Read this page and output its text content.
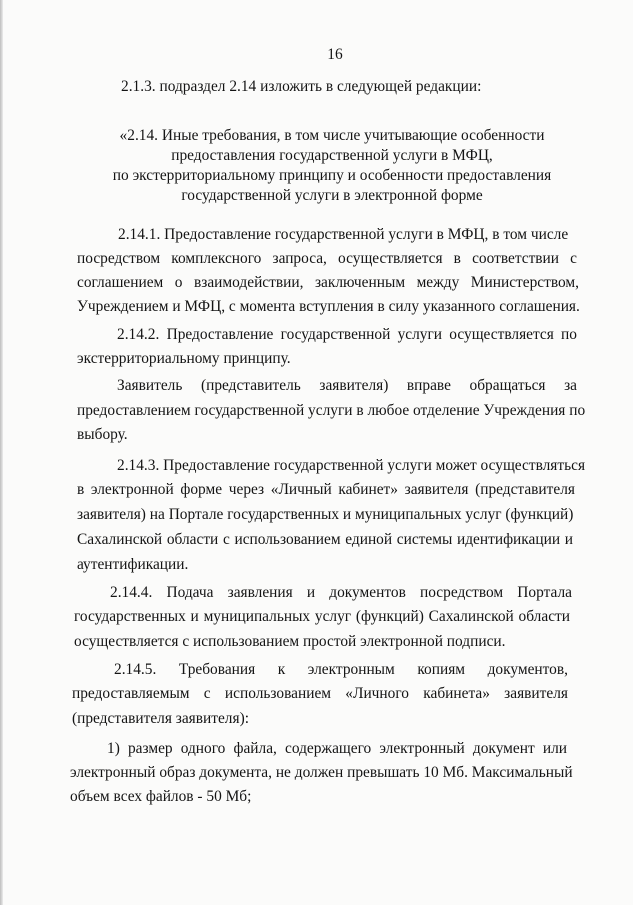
16
2.1.3. подраздел 2.14 изложить в следующей редакции:
«2.14. Иные требования, в том числе учитывающие особенности
предоставления государственной услуги в МФЦ,
по экстерриториальному принципу и особенности предоставления
государственной услуги в электронной форме
2.14.1. Предоставление государственной услуги в МФЦ, в том числе
посредством комплексного запроса, осуществляется в соответствии с
соглашением о взаимодействии, заключенным между Министерством,
Учреждением и МФЦ, с момента вступления в силу указанного соглашения.
2.14.2. Предоставление государственной услуги осуществляется по
экстерриториальному принципу.
Заявитель (представитель заявителя) вправе обращаться за
предоставлением государственной услуги в любое отделение Учреждения по
выбору.
2.14.3. Предоставление государственной услуги может осуществляться
в электронной форме через «Личный кабинет» заявителя (представителя
заявителя) на Портале государственных и муниципальных услуг (функций)
Сахалинской области с использованием единой системы идентификации и
аутентификации.
2.14.4. Подача заявления и документов посредством Портала
государственных и муниципальных услуг (функций) Сахалинской области
осуществляется с использованием простой электронной подписи.
2.14.5. Требования к электронным копиям документов,
предоставляемым с использованием «Личного кабинета» заявителя
(представителя заявителя):
1) размер одного файла, содержащего электронный документ или
электронный образ документа, не должен превышать 10 Мб. Максимальный
объем всех файлов - 50 Мб;
